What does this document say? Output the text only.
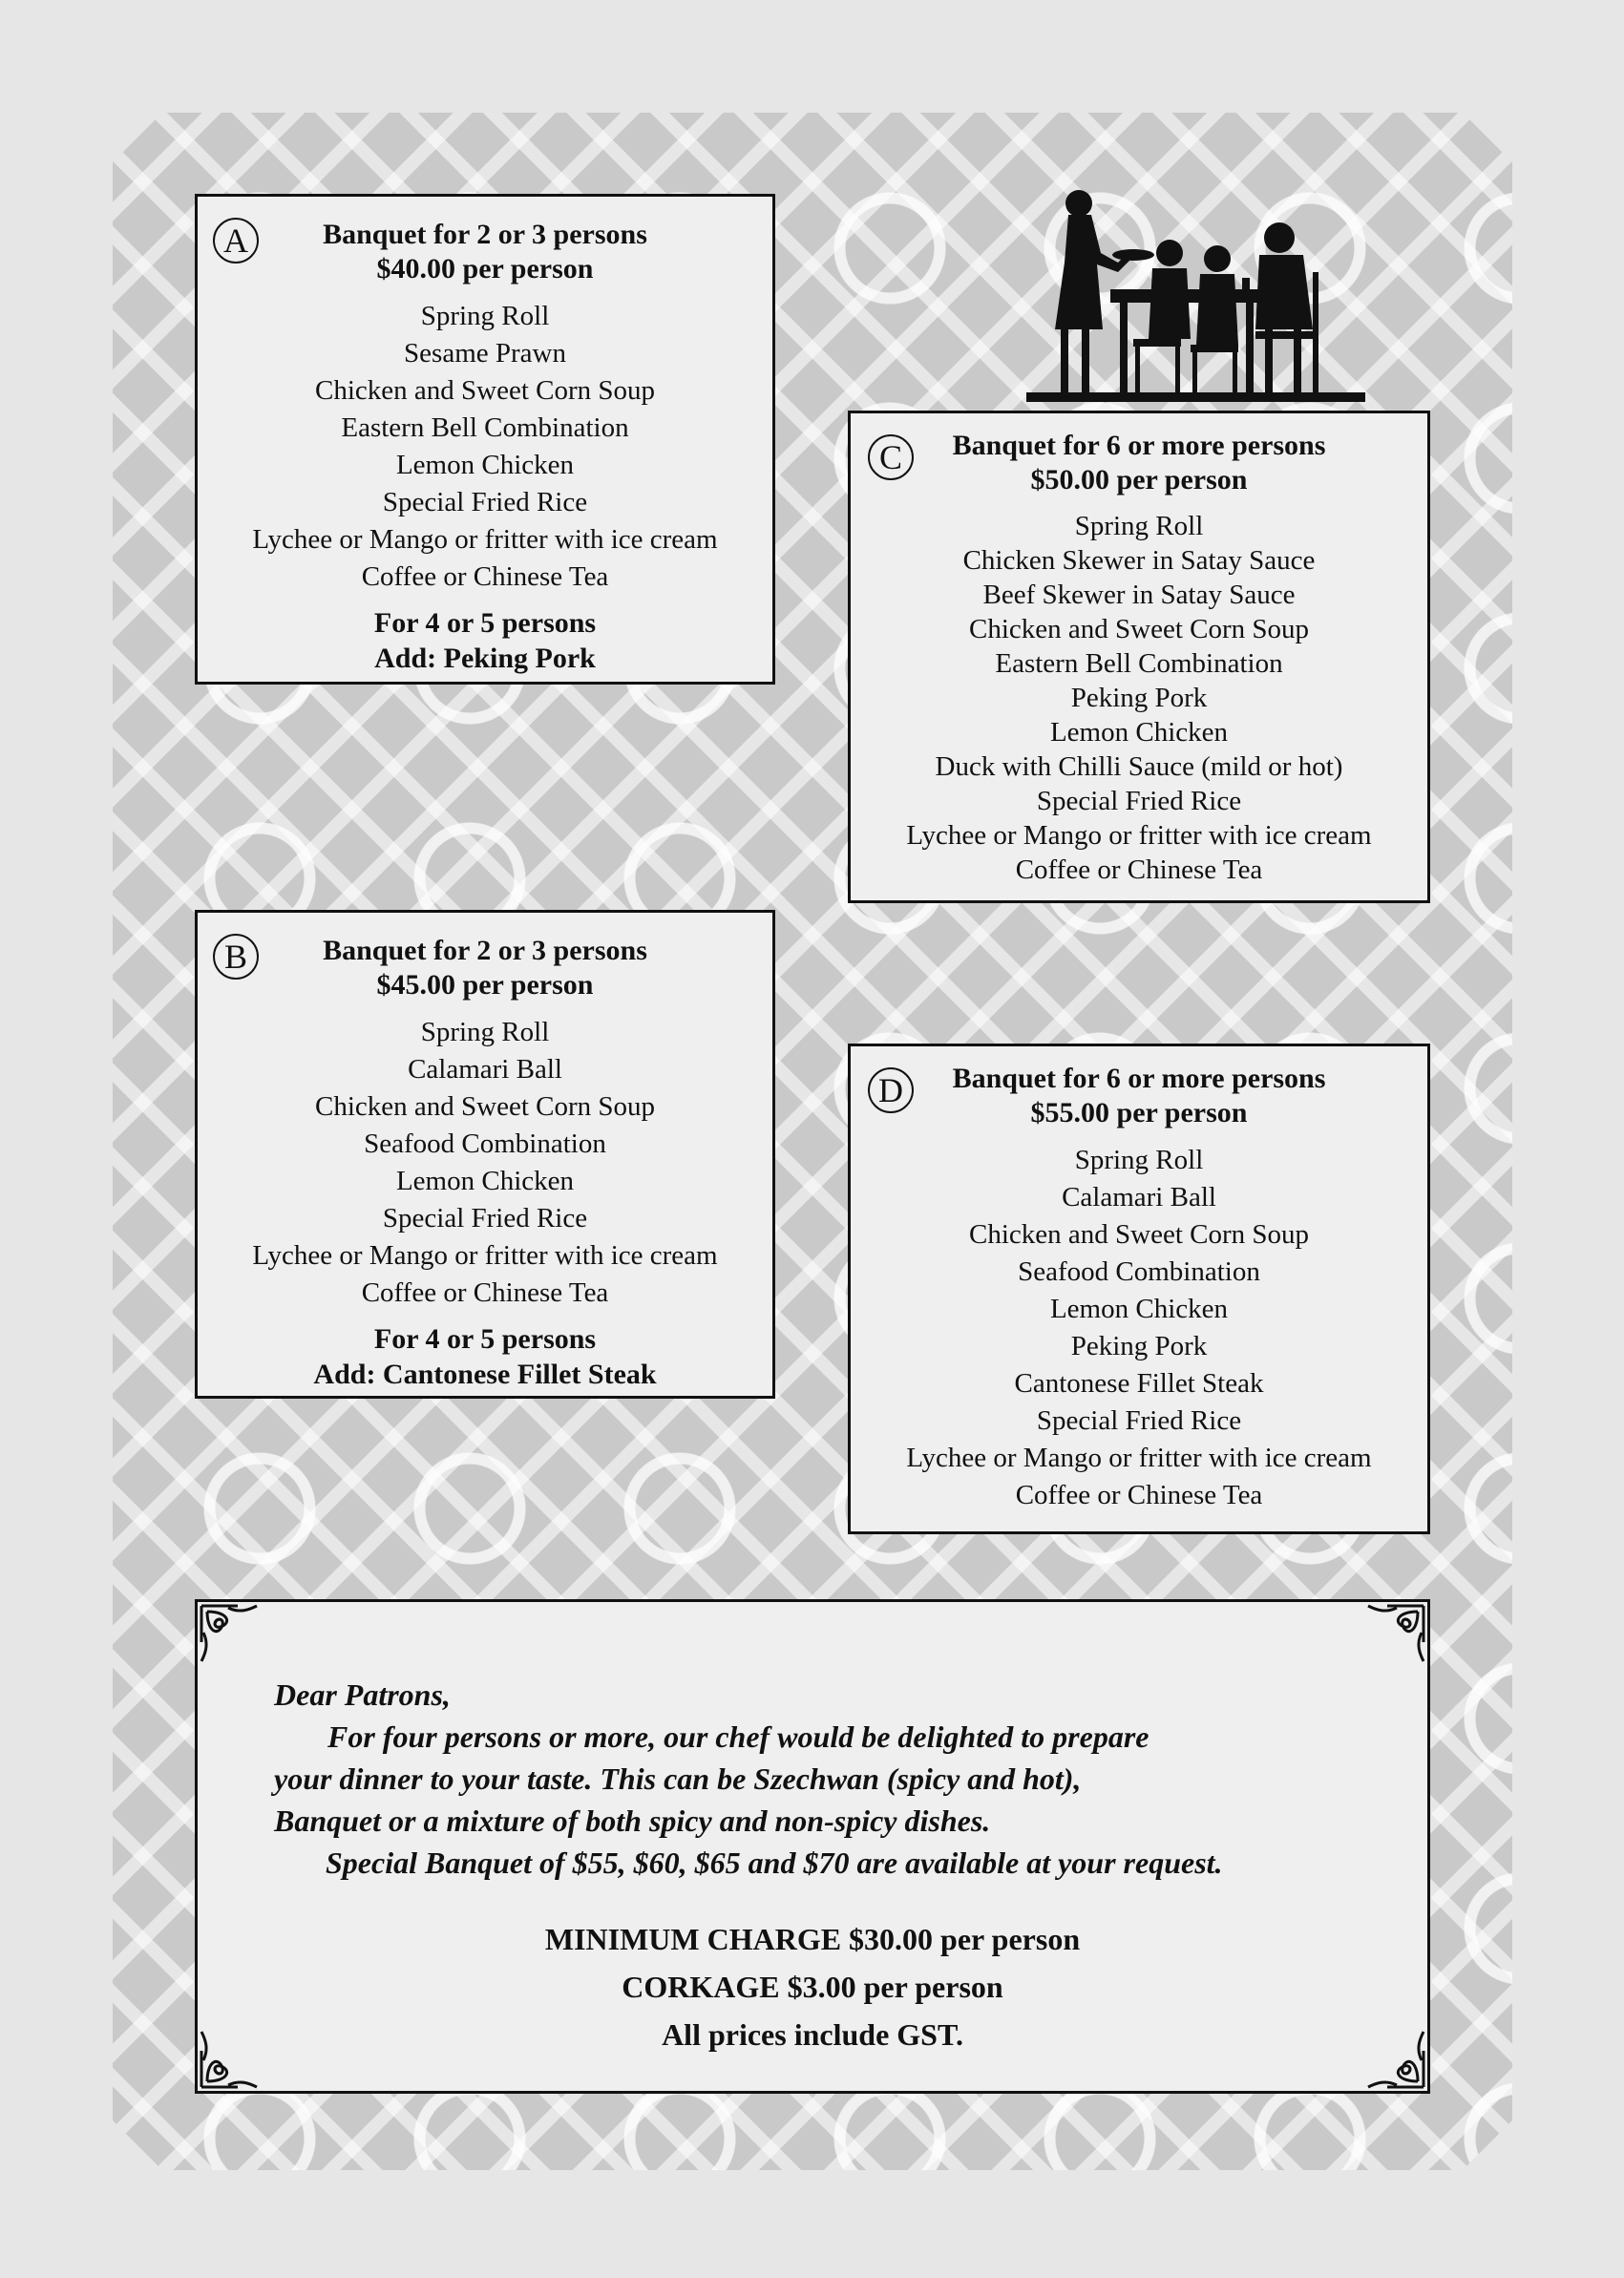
A	Banquet for 2 or 3 persons
$40.00 per person
Spring Roll
Sesame Prawn
Chicken and Sweet Corn Soup
Eastern Bell Combination
Lemon Chicken
Special Fried Rice
Lychee or Mango or fritter with ice cream
Coffee or Chinese Tea
For 4 or 5 persons
Add: Peking Pork
B	Banquet for 2 or 3 persons
$45.00 per person
Spring Roll
Calamari Ball
Chicken and Sweet Corn Soup
Seafood Combination
Lemon Chicken
Special Fried Rice
Lychee or Mango or fritter with ice cream
Coffee or Chinese Tea
For 4 or 5 persons
Add: Cantonese Fillet Steak
C	Banquet for 6 or more persons
$50.00 per person
Spring Roll
Chicken Skewer in Satay Sauce
Beef Skewer in Satay Sauce
Chicken and Sweet Corn Soup
Eastern Bell Combination
Peking Pork
Lemon Chicken
Duck with Chilli Sauce (mild or hot)
Special Fried Rice
Lychee or Mango or fritter with ice cream
Coffee or Chinese Tea
D	Banquet for 6 or more persons
$55.00 per person
Spring Roll
Calamari Ball
Chicken and Sweet Corn Soup
Seafood Combination
Lemon Chicken
Peking Pork
Cantonese Fillet Steak
Special Fried Rice
Lychee or Mango or fritter with ice cream
Coffee or Chinese Tea
Dear Patrons,
For four persons or more, our chef would be delighted to prepare
your dinner to your taste. This can be Szechwan (spicy and hot),
Banquet or a mixture of both spicy and non-spicy dishes.
Special Banquet of $55, $60, $65 and $70 are available at your request.
MINIMUM CHARGE $30.00 per person
CORKAGE $3.00 per person
All prices include GST.
